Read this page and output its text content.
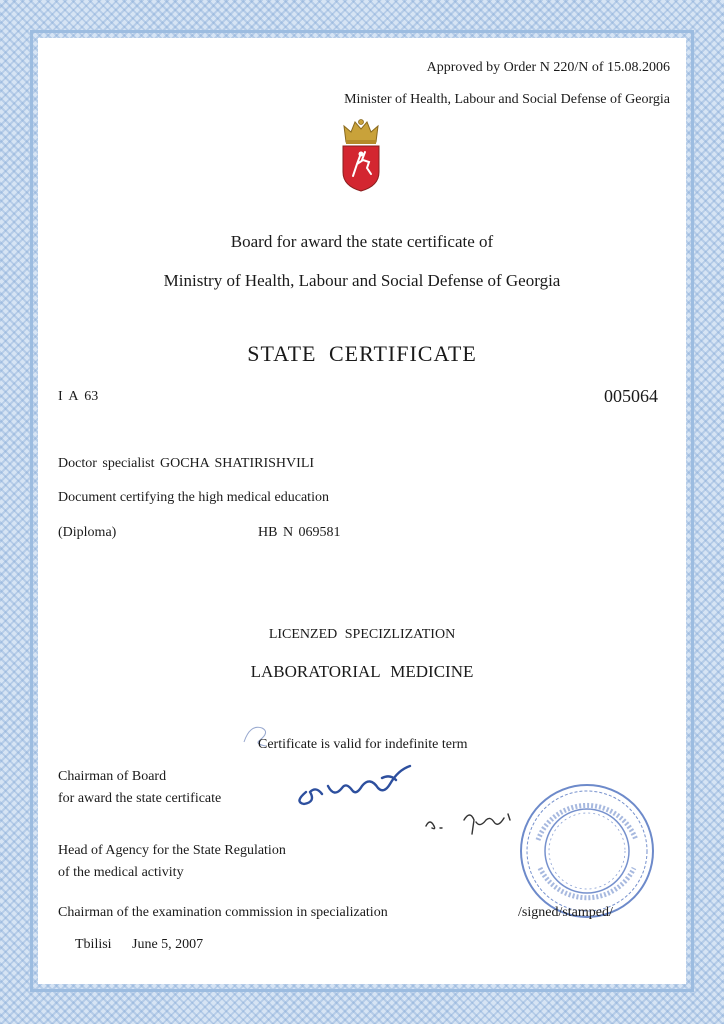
Approved by Order N 220/N of 15.08.2006
Minister of Health, Labour and Social Defense of Georgia
Board for award the state certificate of
Ministry of Health, Labour and Social Defense of Georgia
STATE CERTIFICATE
I A 63	005064
Doctor specialist GOCHA SHATIRISHVILI
Document certifying the high medical education
(Diploma)	HB N 069581
LICENZED SPECIZLIZATION
LABORATORIAL MEDICINE
Certificate is valid for indefinite term
Chairman of Board
for award the state certificate
Head of Agency for the State Regulation
of the medical activity
Chairman of the examination commission in specialization	/signed/stamped/
Tbilisi June 5, 2007
